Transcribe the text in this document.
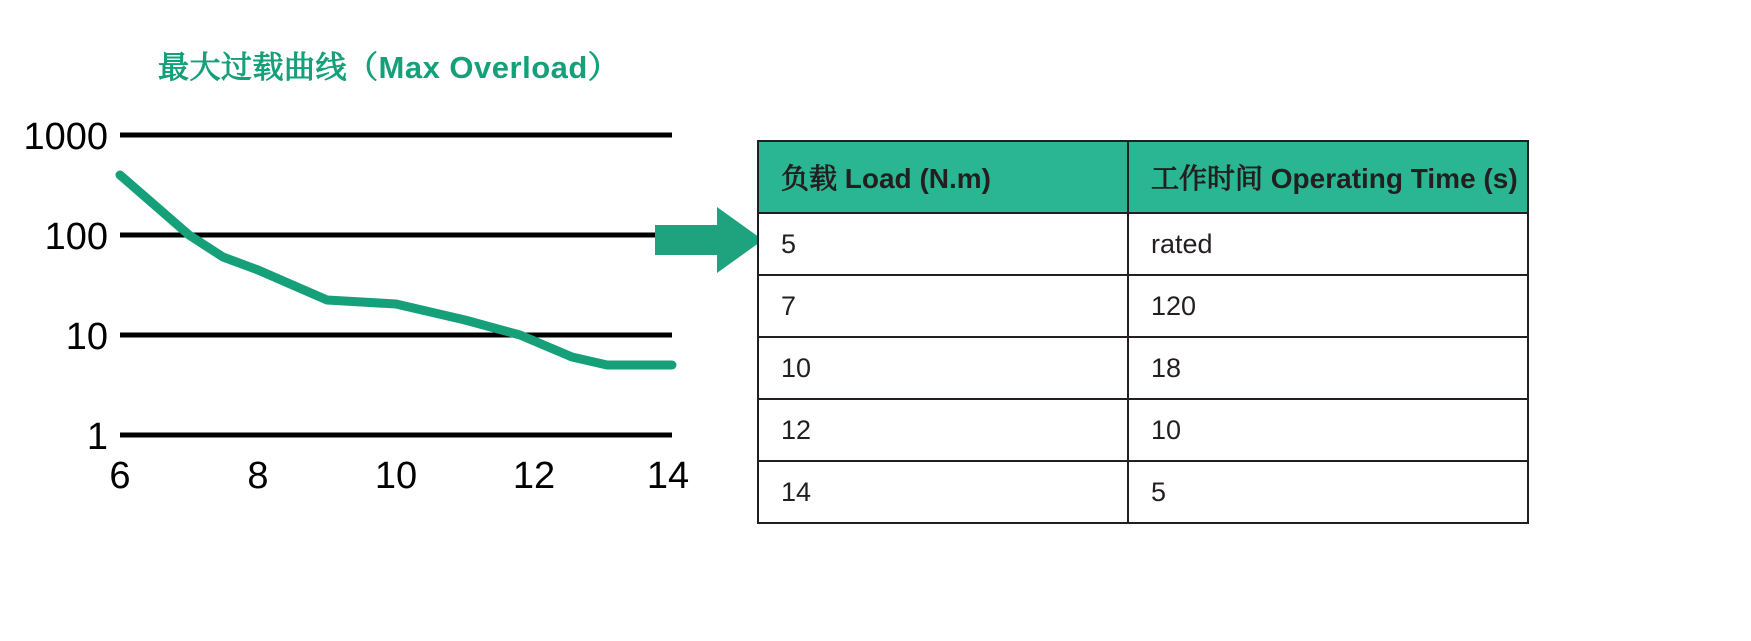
最大过载曲线（Max Overload）
1000
100
10
1
6	8	10	12 14
负载 Load (N.m)	工作时间 Operating Time (s)
5	rated
7	120
10	18
12	10
14	5
